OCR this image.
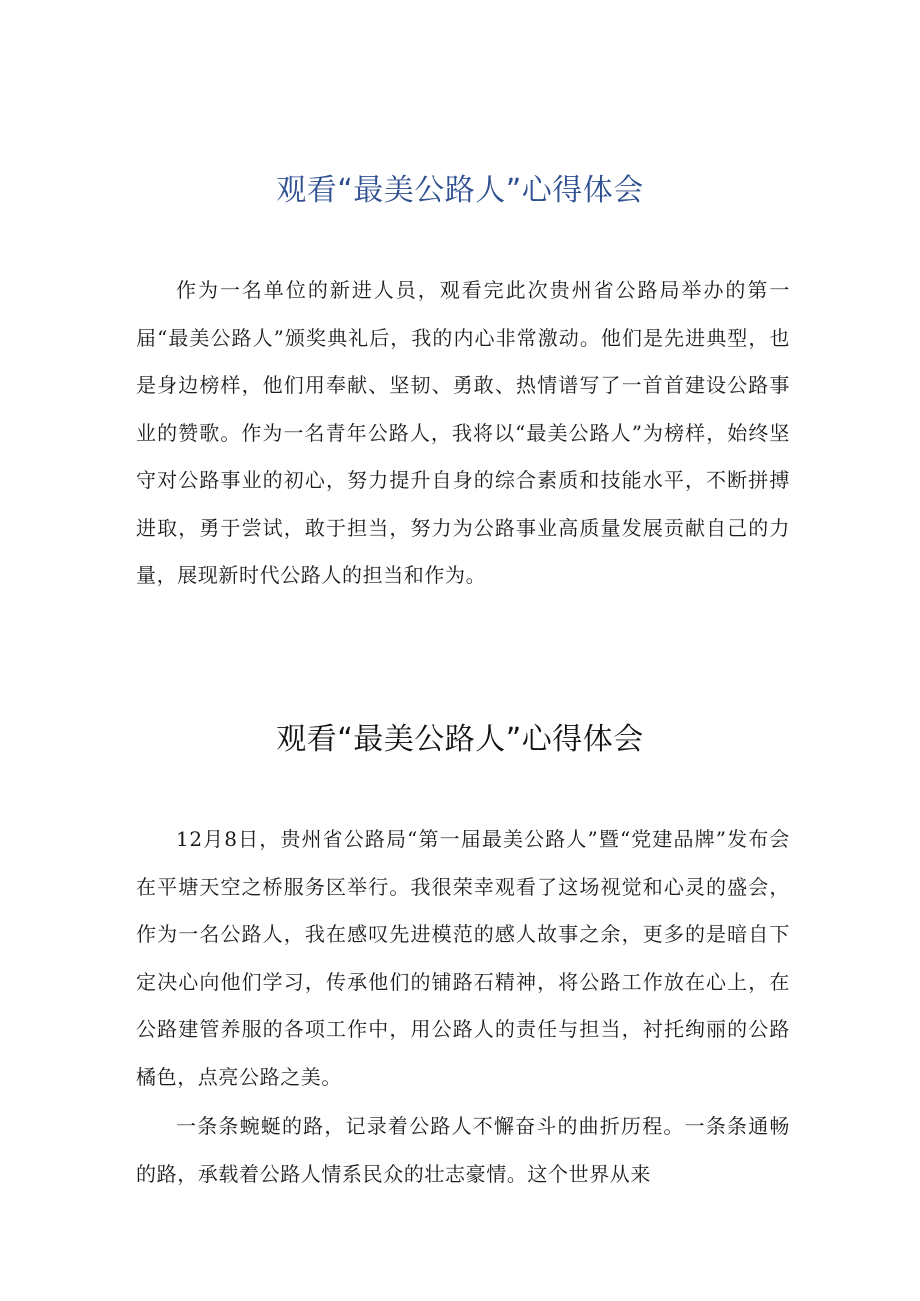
观看“最美公路人”心得体会

作为一名单位的新进人员，观看完此次贵州省公路局举办的第一届“最美公路人”颁奖典礼后，我的内心非常激动。他们是先进典型，也是身边榜样，他们用奉献、坚韧、勇敢、热情谱写了一首首建设公路事业的赞歌。作为一名青年公路人，我将以“最美公路人”为榜样，始终坚守对公路事业的初心，努力提升自身的综合素质和技能水平，不断拼搏进取，勇于尝试，敢于担当，努力为公路事业高质量发展贡献自己的力量，展现新时代公路人的担当和作为。

观看“最美公路人”心得体会

12月8日，贵州省公路局“第一届最美公路人”暨“党建品牌”发布会在平塘天空之桥服务区举行。我很荣幸观看了这场视觉和心灵的盛会，作为一名公路人，我在感叹先进模范的感人故事之余，更多的是暗自下定决心向他们学习，传承他们的铺路石精神，将公路工作放在心上，在公路建管养服的各项工作中，用公路人的责任与担当，衬托绚丽的公路橘色，点亮公路之美。

一条条蜿蜒的路，记录着公路人不懈奋斗的曲折历程。一条条通畅的路，承载着公路人情系民众的壮志豪情。这个世界从来
